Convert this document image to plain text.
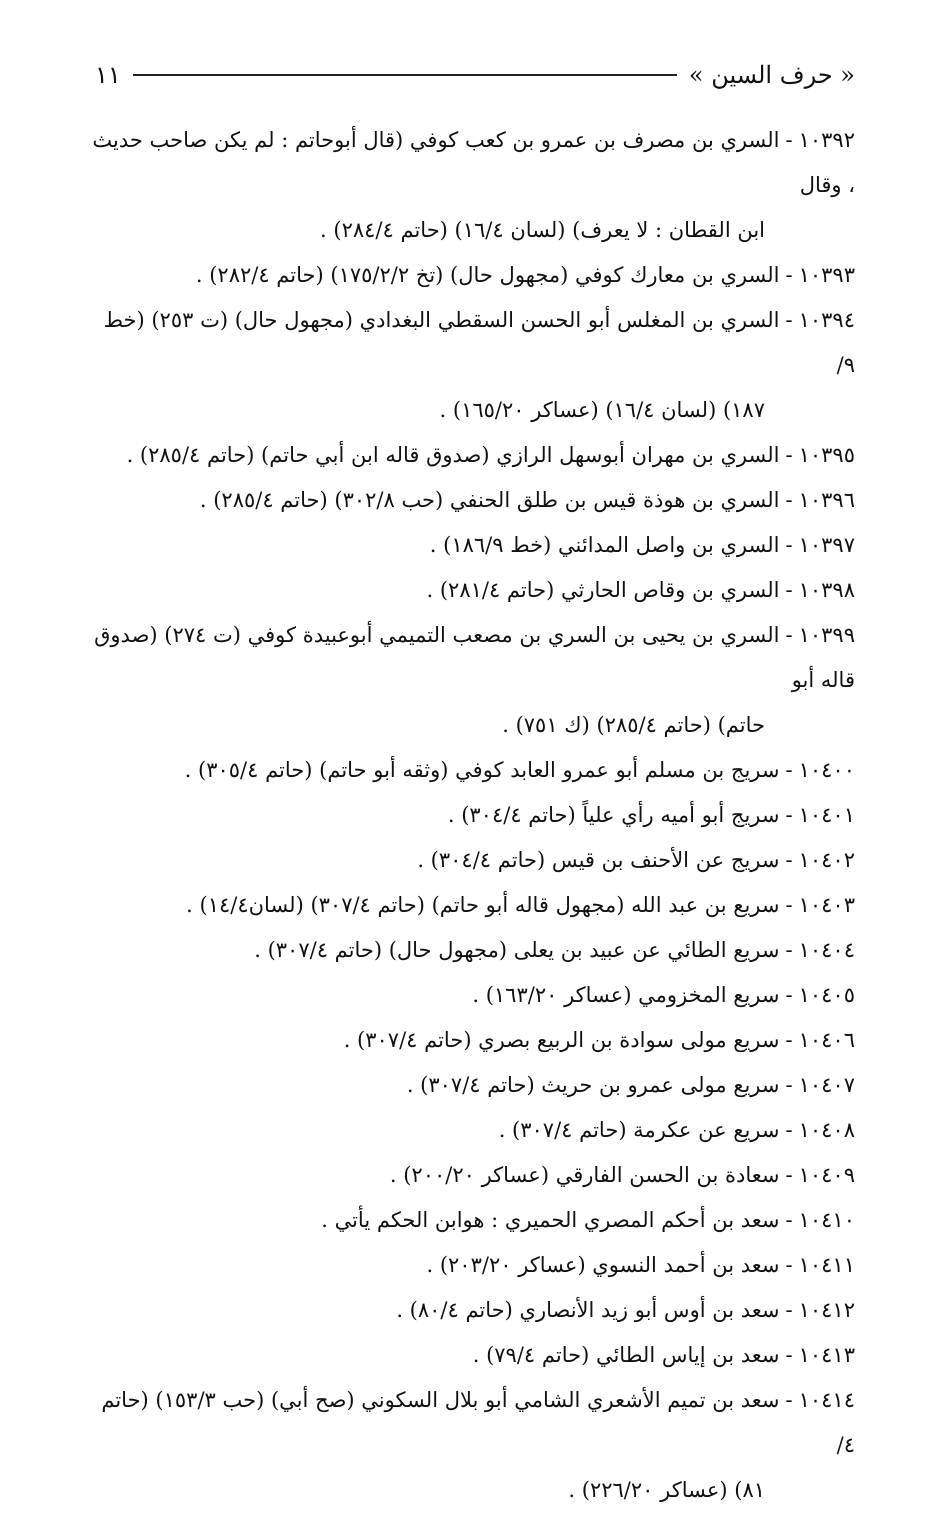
« حرف السين »
١١

١٠٣٩٢-السري بن مصرف بن عمرو بن كعب كوفي (قال أبوحاتم : لم يكن صاحب حديث ، وقال
ابن القطان : لا يعرف) (لسان ١٦/٤) (حاتم ٢٨٤/٤) .

١٠٣٩٣-السري بن معارك كوفي (مجهول حال) (تخ ١٧٥/٢/٢) (حاتم ٢٨٢/٤) .

١٠٣٩٤-السري بن المغلس أبو الحسن السقطي البغدادي (مجهول حال) (ت ٢٥٣) (خط ٩/
١٨٧) (لسان ١٦/٤) (عساكر ١٦٥/٢٠) .

١٠٣٩٥-السري بن مهران أبوسهل الرازي (صدوق قاله ابن أبي حاتم) (حاتم ٢٨٥/٤) .

١٠٣٩٦-السري بن هوذة قيس بن طلق الحنفي (حب ٣٠٢/٨) (حاتم ٢٨٥/٤) .

١٠٣٩٧-السري بن واصل المدائني (خط ١٨٦/٩) .

١٠٣٩٨-السري بن وقاص الحارثي (حاتم ٢٨١/٤) .

١٠٣٩٩-السري بن يحيى بن السري بن مصعب التميمي أبوعبيدة كوفي (ت ٢٧٤) (صدوق قاله أبو
حاتم) (حاتم ٢٨٥/٤) (ك ٧٥١) .

١٠٤٠٠-سريج بن مسلم أبو عمرو العابد كوفي (وثقه أبو حاتم) (حاتم ٣٠٥/٤) .

١٠٤٠١-سريج أبو أميه رأي علياً (حاتم ٣٠٤/٤) .

١٠٤٠٢-سريج عن الأحنف بن قيس (حاتم ٣٠٤/٤) .

١٠٤٠٣-سريع بن عبد الله (مجهول قاله أبو حاتم) (حاتم ٣٠٧/٤) (لسان١٤/٤) .

١٠٤٠٤-سريع الطائي عن عبيد بن يعلى (مجهول حال) (حاتم ٣٠٧/٤) .

١٠٤٠٥-سريع المخزومي (عساكر ١٦٣/٢٠) .

١٠٤٠٦-سريع مولى سوادة بن الربيع بصري (حاتم ٣٠٧/٤) .

١٠٤٠٧-سريع مولى عمرو بن حريث (حاتم ٣٠٧/٤) .

١٠٤٠٨-سريع عن عكرمة (حاتم ٣٠٧/٤) .

١٠٤٠٩-سعادة بن الحسن الفارقي (عساكر ٢٠٠/٢٠) .

١٠٤١٠-سعد بن أحكم المصري الحميري : هوابن الحكم يأتي .

١٠٤١١-سعد بن أحمد النسوي (عساكر ٢٠٣/٢٠) .

١٠٤١٢-سعد بن أوس أبو زيد الأنصاري (حاتم ٨٠/٤) .

١٠٤١٣-سعد بن إياس الطائي (حاتم ٧٩/٤) .

١٠٤١٤-سعد بن تميم الأشعري الشامي أبو بلال السكوني (صح أبي) (حب ١٥٣/٣) (حاتم ٤/
٨١) (عساكر ٢٢٦/٢٠) .
